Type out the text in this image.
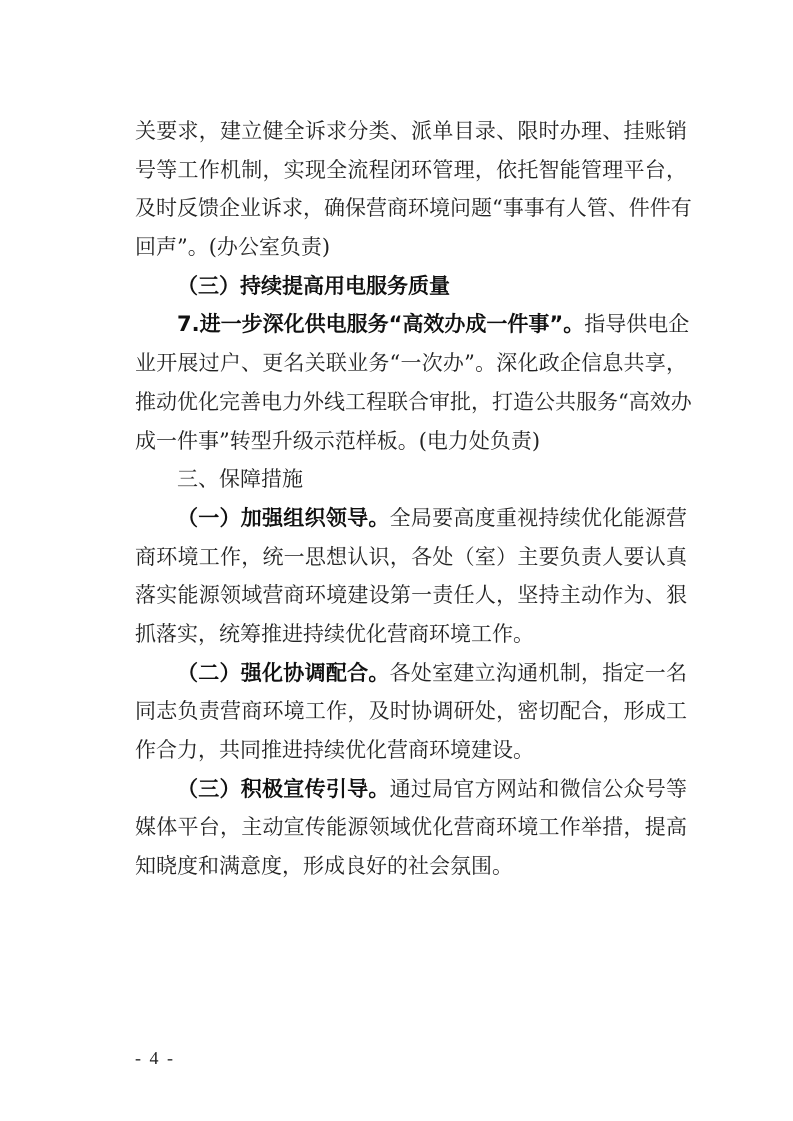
关要求，建立健全诉求分类、派单目录、限时办理、挂账销
号等工作机制，实现全流程闭环管理，依托智能管理平台，
及时反馈企业诉求，确保营商环境问题“事事有人管、件件有
回声”。(办公室负责)
（三）持续提高用电服务质量
7.进一步深化供电服务“高效办成一件事”。指导供电企
业开展过户、更名关联业务“一次办”。深化政企信息共享，
推动优化完善电力外线工程联合审批，打造公共服务“高效办
成一件事”转型升级示范样板。(电力处负责)
三、保障措施
（一）加强组织领导。全局要高度重视持续优化能源营
商环境工作，统一思想认识，各处（室）主要负责人要认真
落实能源领域营商环境建设第一责任人，坚持主动作为、狠
抓落实，统筹推进持续优化营商环境工作。
（二）强化协调配合。各处室建立沟通机制，指定一名
同志负责营商环境工作，及时协调研处，密切配合，形成工
作合力，共同推进持续优化营商环境建设。
（三）积极宣传引导。通过局官方网站和微信公众号等
媒体平台，主动宣传能源领域优化营商环境工作举措，提高
知晓度和满意度，形成良好的社会氛围。
- 4 -
